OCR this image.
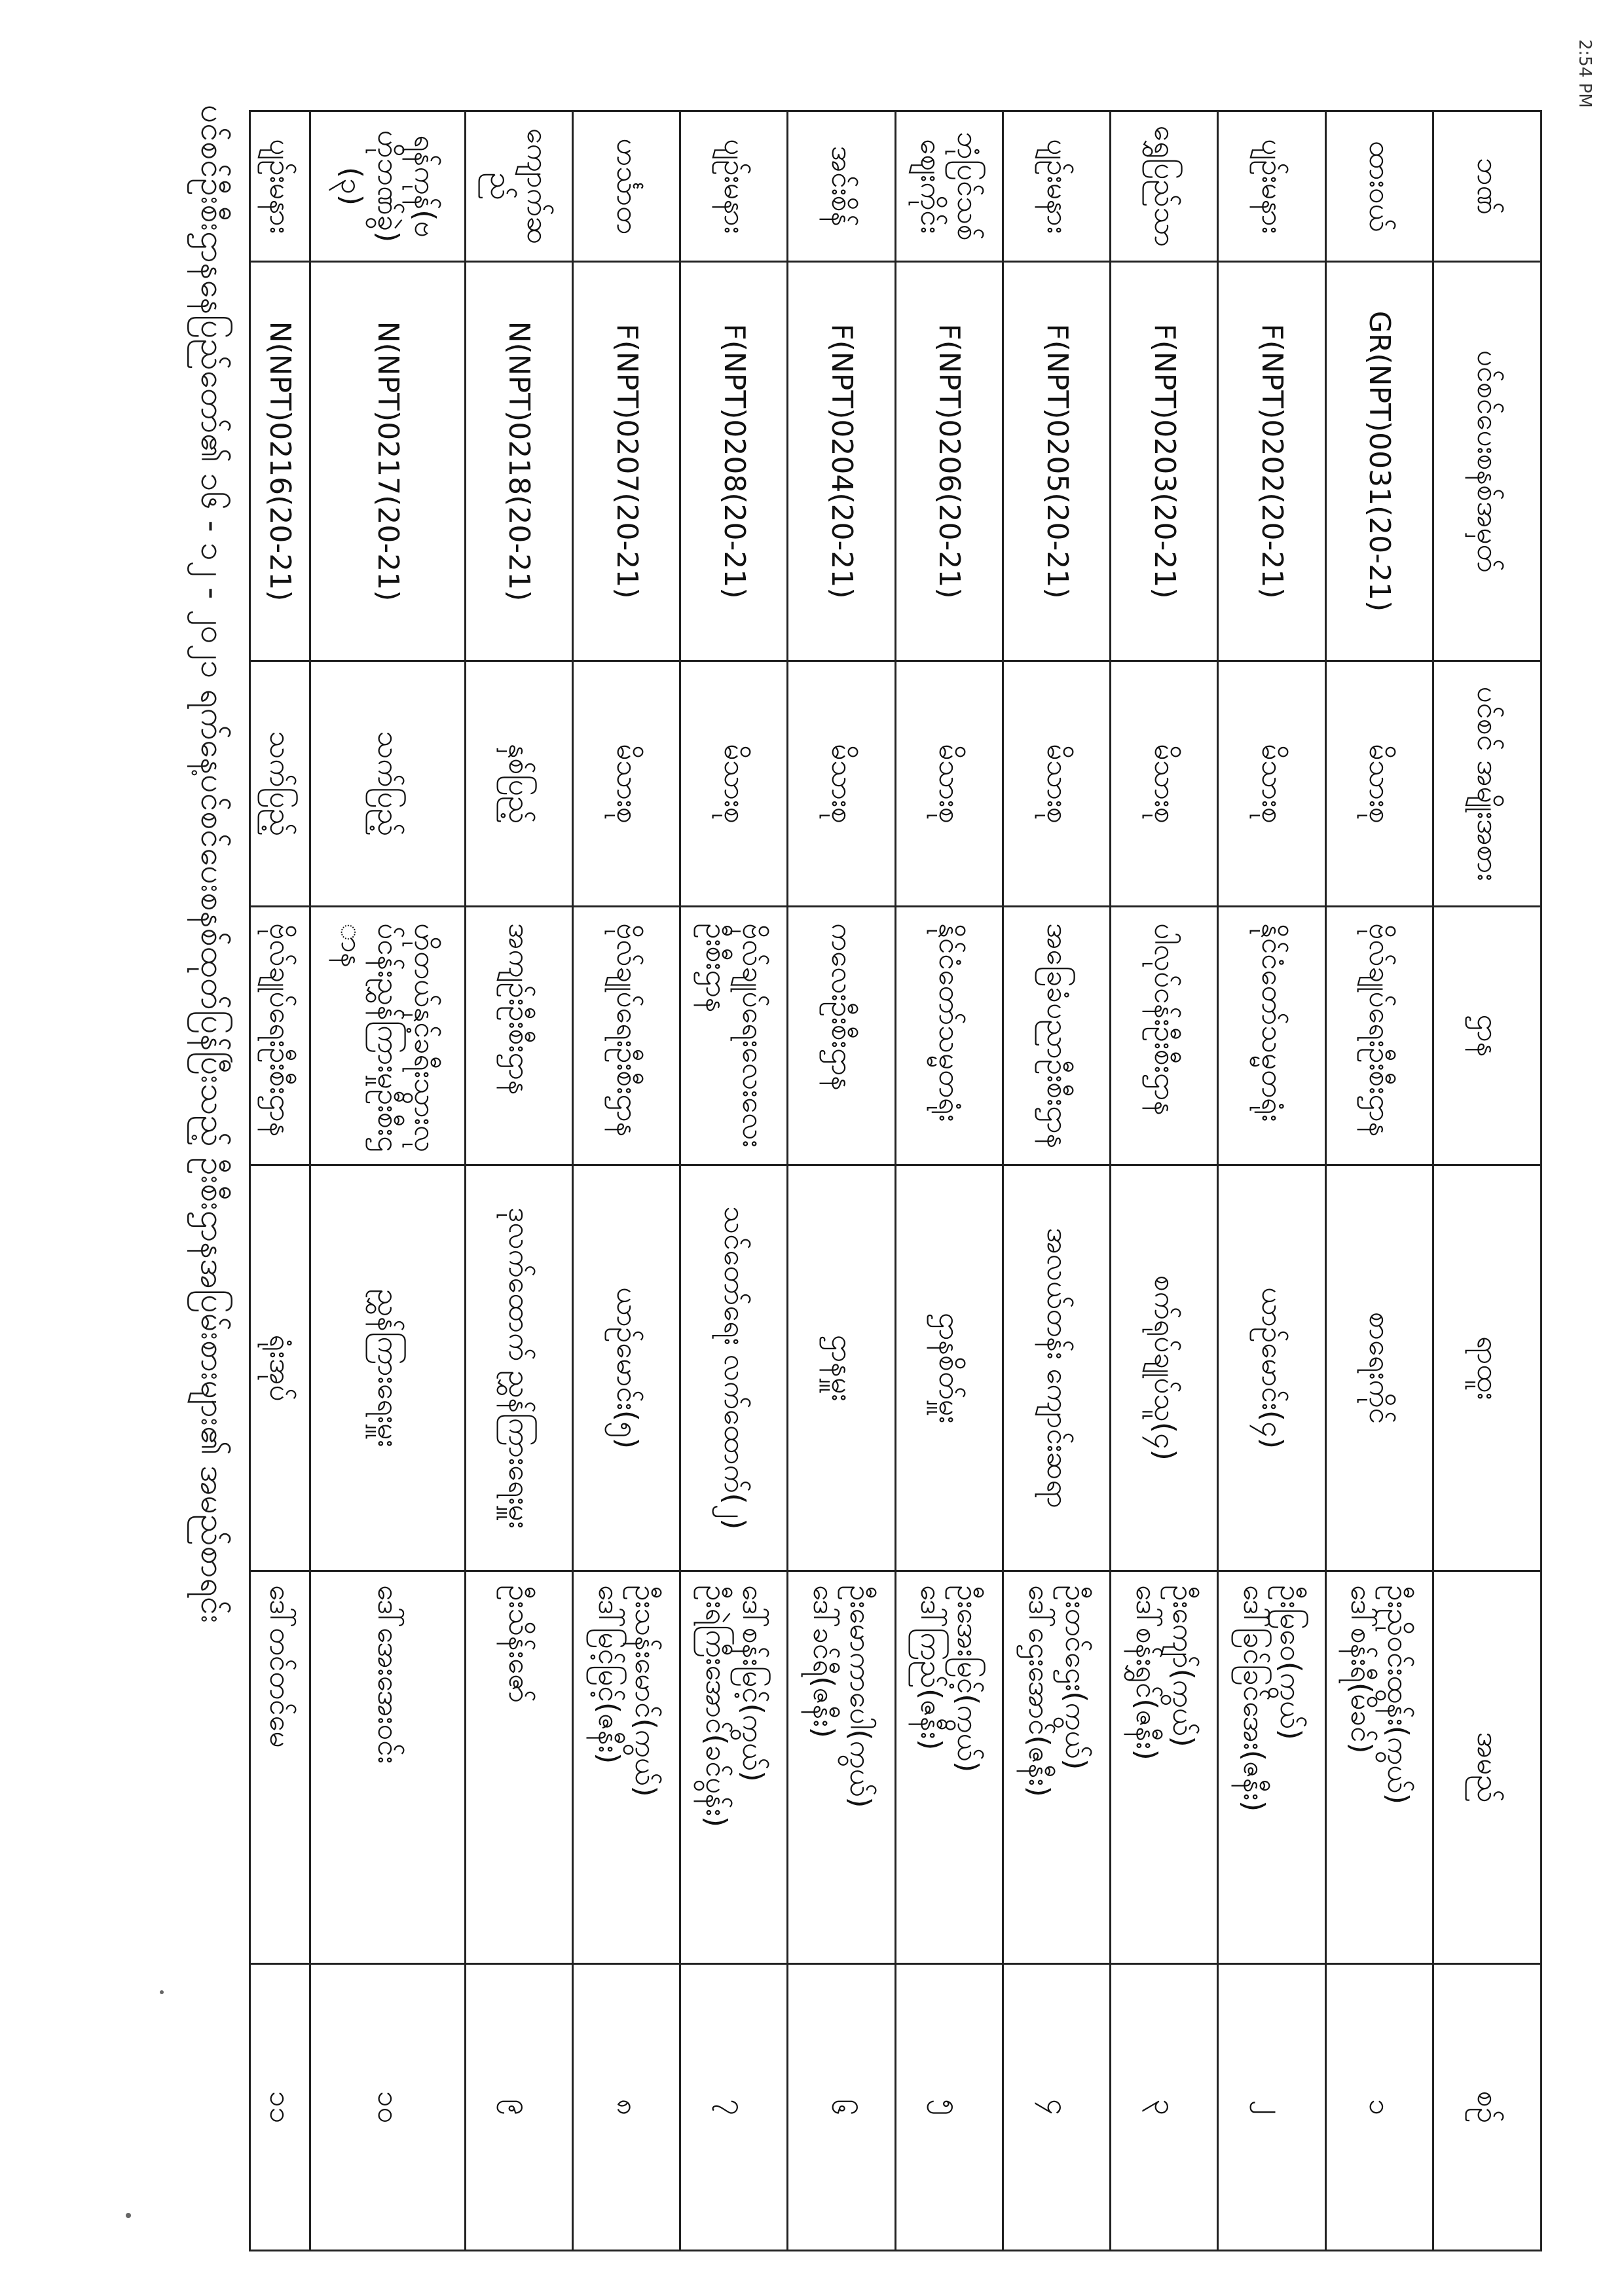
2:54 PM
ဘဏ်	ပင်စင်ပေးစနစ်အမှတ်	ပင်စင် အမျိုးအစား	ဌာန	ရာထူး	အမည်	စဉ်
ထားဝယ်	GR(NPT)0031(20-21)	မိသားစု	ဗိုလ်ချုပ်ရေးဦးစီးဌာန	စာရေးကိုင်	ဦးညိုဝင်းထွန်း(ကွယ်)
ဒေါ်စန်းရီ(မိခင်)	၁
ပျဉ်းမနား	F(NPT)0202(20-21)	မိသားစု	နိုင်ငံတော်သမ္မတရုံး	ယာဉ်မောင်း(၄)	ဦးမြဝေ(ကွယ်)
ဒေါ်ခြင်ခြင်အေး(ဇနီး)	၂
ရွှေပြည်သာ	F(NPT)0203(20-21)	မိသားစု	ပါလုပ်ငန်းဦးစီးဌာန	စက်ရုပ်ချုပ်သူ(၄)	ဦးကျော်(ကွယ်)
ဒေါ်စန်းရွှင်(ဇနီး)	၃
ပျဉ်းမနား	F(NPT)0205(20-21)	မိသားစု	အခြေခံပညာဦးစီးဌာန	အလယ်တန်း ကျောင်းဆရာ	ဦးတင်ဌေး(ကွယ်)
ဒေါ်ဌေးအောင်(ဇနီး)	၄
ဘုံပြင်သစ် ဈေးကိုင်း	F(NPT)0206(20-21)	မိသားစု	နိုင်ငံတော်သမ္မတရုံး	ဌာနစိတ်မှူး	ဦးအေးမြင့်(ကွယ်)
ဒေါ်ကြည်(ဇနီး)	၅
အင်းစိန်	F(NPT)0204(20-21)	မိသားစု	ကလေးဦးစီးဌာန	ဌာနမှူး	ဦးမောကာပေါ(ကွယ်)
ဒေါ်ခင်ရီ(ဇနီး)	၆
ပျဉ်းမနား	F(NPT)0208(20-21)	မိသားစု	ဗိုလ်ချုပ်ရေးလေးလေးဦးစီးဌာန	သင်တော်ရေး လက်ထောက်(၂)	ဒေါ်စန်းမြင့်(ကွယ်)
ဦးရဲကြီးအောင်(ခင်ပွန်း)	၇
ဟင်္သာတ	F(NPT)0207(20-21)	မိသားစု	ဗိုလ်ချုပ်ရေးဦးစီးဌာန	ယာဉ်မောင်း(၅)	ဦးသန်းမောင်(ကွယ်)
ဒေါ်မြင့်မြင့်(ဇနီး)	၈
ကျောက်ဆည်	N(NPT)0218(20-21)	နှစ်ပြည့်	အကျဉ်းဦးစီးဌာန	ဒုလက်ထောက် ညွှန်ကြားရေးမှူး	ဦးသိန်းဇော်	၉
ရန်ကုန်(ဗဟိုဘဏ်ခွဲ)(၃)	N(NPT)0217(20-21)	သက်ပြည့်	ဟိုတယ်နှင့်ခရီးသွားလုပ်ငန်းညွှန်ကြားမှုဦးစီးဌာန	ညွှန်ကြားရေးမှူး	ဒေါ်အေးအေးဝင်း	၁၀
ပျဉ်းမနား	N(NPT)0216(20-21)	သက်ပြည့်	ဗိုလ်ချုပ်ရေးဦးစီးဌာန	ရုံးအုပ်	ဒေါ်တင်တင်မေ	၁၁
ပင်စင်ဦးစီးဌာနနေပြည်တော်၏ ၁၆ - ၁၂ - ၂၀၂၁ ရက်နေ့ပင်စင်ပေးစနစ်ထုတ်ပြန်ပြီးသည့် ဦးစီးဌာနအပြမ်းစားများ၏ အမည်စာရင်း
